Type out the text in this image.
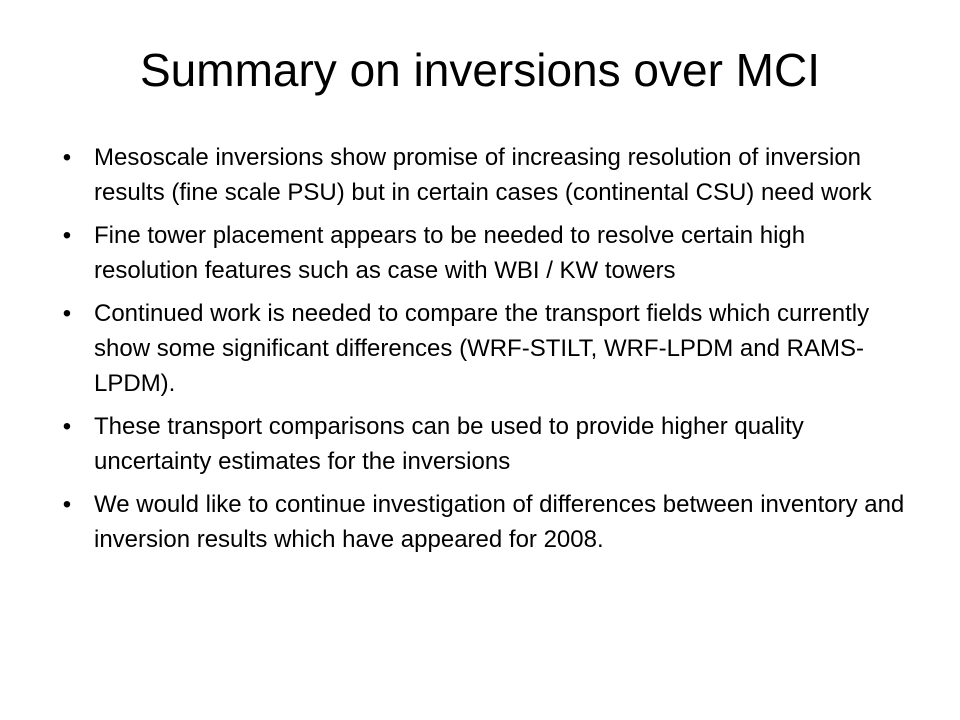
Summary on inversions over MCI
• Mesoscale inversions show promise of increasing resolution of inversion results (fine scale PSU) but in certain cases (continental CSU) need work
• Fine tower placement appears to be needed to resolve certain high resolution features such as case with WBI / KW towers
• Continued work is needed to compare the transport fields which currently show some significant differences (WRF-STILT, WRF-LPDM and RAMS-LPDM).
• These transport comparisons can be used to provide higher quality uncertainty estimates for the inversions
• We would like to continue investigation of differences between inventory and inversion results which have appeared for 2008.
